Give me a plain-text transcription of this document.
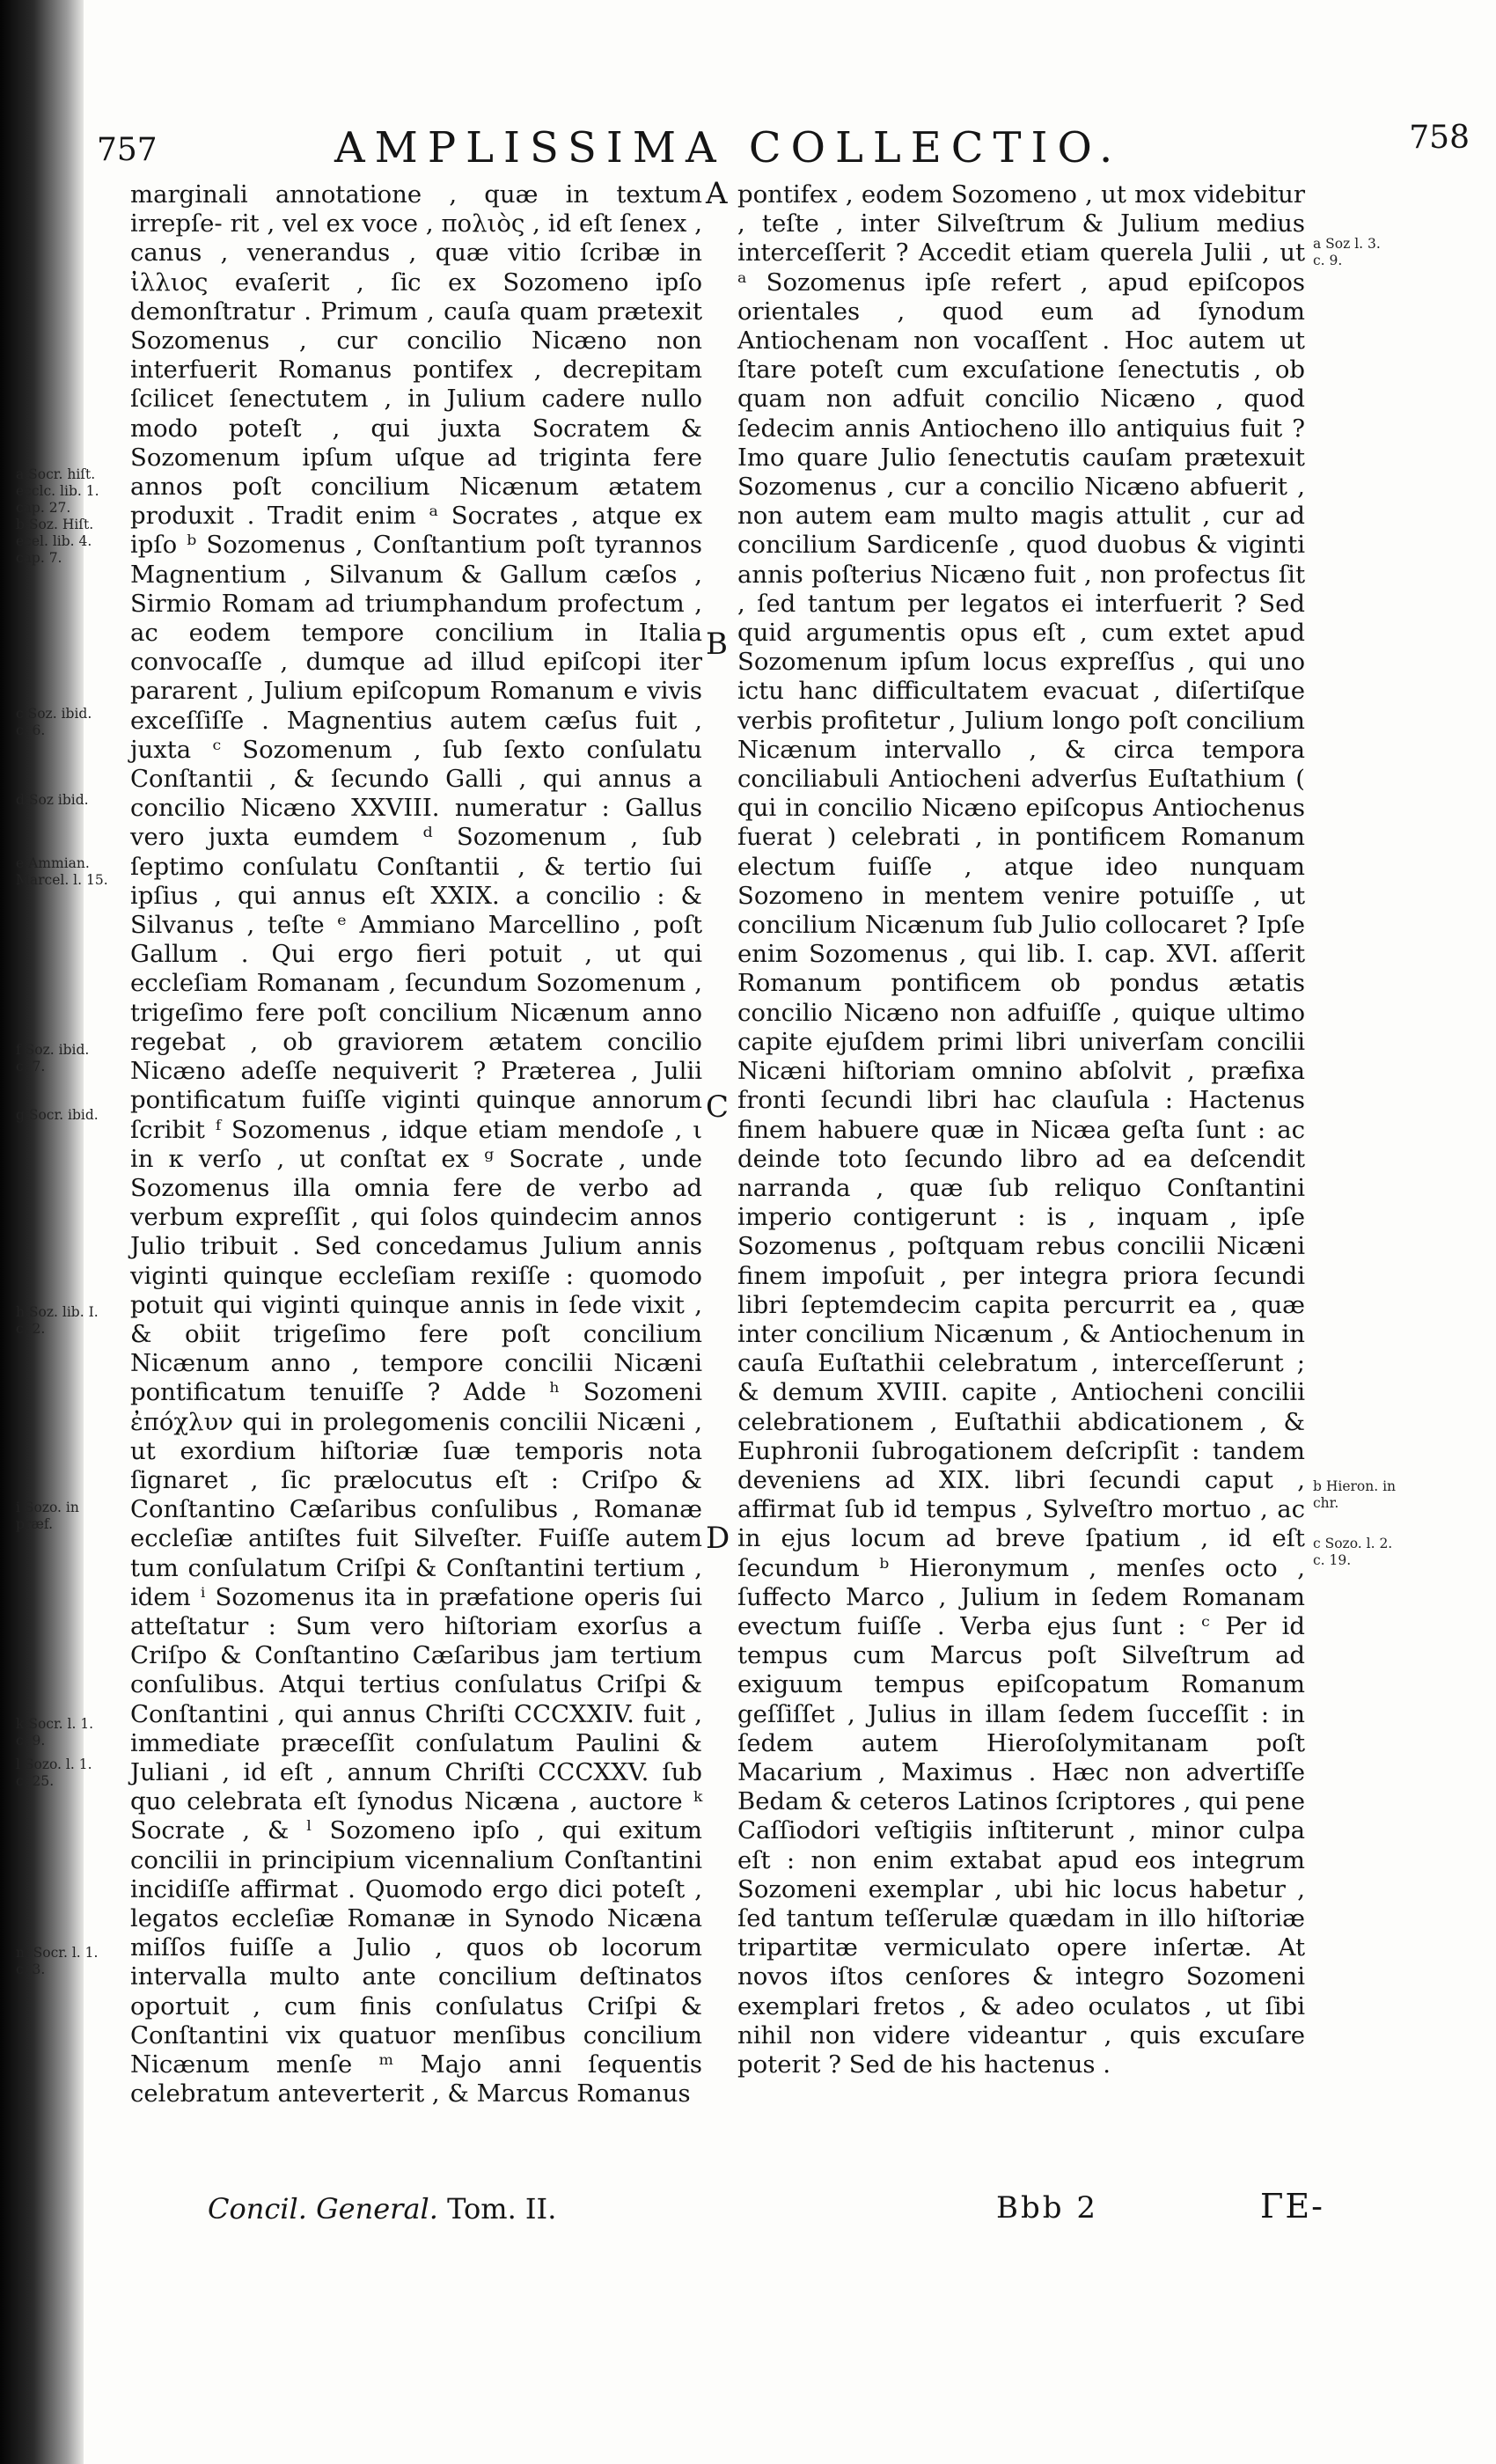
757	AMPLISSIMA COLLECTIO.	758

marginali annotatione , quæ in textum irrepſe- rit , vel ex voce , πολιὸς , id eſt ſenex , canus , venerandus , quæ vitio ſcribæ in ἰλλιος evaſerit , ſic ex Sozomeno ipſo demonſtratur . Primum , cauſa quam prætexit Sozomenus , cur concilio Nicæno non interfuerit Romanus pontifex , decrepitam ſcilicet ſenectutem , in Julium cadere nullo modo poteſt , qui juxta Socratem & Sozomenum ipſum uſque ad triginta fere annos poſt concilium Nicænum ætatem produxit . Tradit enim ᵃ Socrates , atque ex ipſo ᵇ Sozomenus , Conſtantium poſt tyrannos Magnentium , Silvanum & Gallum cæſos , Sirmio Romam ad triumphandum profectum , ac eodem tempore concilium in Italia convocaſſe , dumque ad illud epiſcopi iter pararent , Julium epiſcopum Romanum e vivis exceſſiſſe . Magnentius autem cæſus fuit , juxta ᶜ Sozomenum , ſub ſexto conſulatu Conſtantii , & ſecundo Galli , qui annus a concilio Nicæno XXVIII. numeratur : Gallus vero juxta eumdem ᵈ Sozomenum , ſub ſeptimo conſulatu Conſtantii , & tertio ſui ipſius , qui annus eſt XXIX. a concilio : & Silvanus , teſte ᵉ Ammiano Marcellino , poſt Gallum . Qui ergo fieri potuit , ut qui eccleſiam Romanam , ſecundum Sozomenum , trigeſimo fere poſt concilium Nicænum anno regebat , ob graviorem ætatem concilio Nicæno adeſſe nequiverit ? Præterea , Julii pontificatum fuiſſe viginti quinque annorum ſcribit ᶠ Sozomenus , idque etiam mendoſe , ι in κ verſo , ut conſtat ex ᵍ Socrate , unde Sozomenus illa omnia fere de verbo ad verbum expreſſit , qui ſolos quindecim annos Julio tribuit . Sed concedamus Julium annis viginti quinque eccleſiam rexiſſe : quomodo potuit qui viginti quinque annis in ſede vixit , & obiit trigeſimo fere poſt concilium Nicænum anno , tempore concilii Nicæni pontificatum tenuiſſe ? Adde ʰ Sozomeni ἐπόχλυν qui in prolegomenis concilii Nicæni , ut exordium hiſtoriæ ſuæ temporis nota ſignaret , ſic prælocutus eſt : Criſpo & Conſtantino Cæſaribus conſulibus , Romanæ eccleſiæ antiſtes fuit Silveſter. Fuiſſe autem tum conſulatum Criſpi & Conſtantini tertium , idem ⁱ Sozomenus ita in præfatione operis ſui atteſtatur : Sum vero hiſtoriam exorſus a Criſpo & Conſtantino Cæſaribus jam tertium conſulibus. Atqui tertius conſulatus Criſpi & Conſtantini , qui annus Chriſti CCCXXIV. fuit , immediate præceſſit conſulatum Paulini & Juliani , id eſt , annum Chriſti CCCXXV. ſub quo celebrata eſt ſynodus Nicæna , auctore ᵏ Socrate , & ˡ Sozomeno ipſo , qui exitum concilii in principium vicennalium Conſtantini incidiſſe affirmat . Quomodo ergo dici poteſt , legatos eccleſiæ Romanæ in Synodo Nicæna miſſos fuiſſe a Julio , quos ob locorum intervalla multo ante concilium deſtinatos oportuit , cum finis conſulatus Criſpi & Conſtantini vix quatuor menſibus concilium Nicænum menſe ᵐ Majo anni ſequentis celebratum anteverterit , & Marcus Romanus

pontifex , eodem Sozomeno , ut mox videbitur , teſte , inter Silveſtrum & Julium medius interceſſerit ? Accedit etiam querela Julii , ut ᵃ Sozomenus ipſe refert , apud epiſcopos orientales , quod eum ad ſynodum Antiochenam non vocaſſent . Hoc autem ut ſtare poteſt cum excuſatione ſenectutis , ob quam non adfuit concilio Nicæno , quod ſedecim annis Antiocheno illo antiquius fuit ? Imo quare Julio ſenectutis cauſam prætexuit Sozomenus , cur a concilio Nicæno abfuerit , non autem eam multo magis attulit , cur ad concilium Sardicenſe , quod duobus & viginti annis poſterius Nicæno fuit , non profectus ſit , ſed tantum per legatos ei interfuerit ? Sed quid argumentis opus eſt , cum extet apud Sozomenum ipſum locus expreſſus , qui uno ictu hanc difficultatem evacuat , diſertiſque verbis profitetur , Julium longo poſt concilium Nicænum intervallo , & circa tempora conciliabuli Antiocheni adverſus Euſtathium ( qui in concilio Nicæno epiſcopus Antiochenus fuerat ) celebrati , in pontificem Romanum electum fuiſſe , atque ideo nunquam Sozomeno in mentem venire potuiſſe , ut concilium Nicænum ſub Julio collocaret ? Ipſe enim Sozomenus , qui lib. I. cap. XVI. aſſerit Romanum pontificem ob pondus ætatis concilio Nicæno non adfuiſſe , quique ultimo capite ejuſdem primi libri univerſam concilii Nicæni hiſtoriam omnino abſolvit , præfixa fronti ſecundi libri hac clauſula : Hactenus finem habuere quæ in Nicæa geſta ſunt : ac deinde toto ſecundo libro ad ea deſcendit narranda , quæ ſub reliquo Conſtantini imperio contigerunt : is , inquam , ipſe Sozomenus , poſtquam rebus concilii Nicæni finem impoſuit , per integra priora ſecundi libri ſeptemdecim capita percurrit ea , quæ inter concilium Nicænum , & Antiochenum in cauſa Euſtathii celebratum , interceſſerunt ; & demum XVIII. capite , Antiocheni concilii celebrationem , Euſtathii abdicationem , & Euphronii ſubrogationem deſcripſit : tandem deveniens ad XIX. libri ſecundi caput , affirmat ſub id tempus , Sylveſtro mortuo , ac in ejus locum ad breve ſpatium , id eſt ſecundum ᵇ Hieronymum , menſes octo , ſuffecto Marco , Julium in ſedem Romanam evectum fuiſſe . Verba ejus ſunt : ᶜ Per id tempus cum Marcus poſt Silveſtrum ad exiguum tempus epiſcopatum Romanum geſſiſſet , Julius in illam ſedem ſucceſſit : in ſedem autem Hieroſolymitanam poſt Macarium , Maximus . Hæc non advertiſſe Bedam & ceteros Latinos ſcriptores , qui pene Caſſiodori veſtigiis inſtiterunt , minor culpa eſt : non enim extabat apud eos integrum Sozomeni exemplar , ubi hic locus habetur , ſed tantum teſſerulæ quædam in illo hiſtoriæ tripartitæ vermiculato opere inſertæ. At novos iſtos cenſores & integro Sozomeni exemplari fretos , & adeo oculatos , ut ſibi nihil non videre videantur , quis excuſare poterit ? Sed de his hactenus .

A
B
C
D
a Socr. hiſt.
ecclc. lib. 1.
cap. 27.
b Soz. Hiſt.
ecel. lib. 4.
cap. 7.
c Soz. ibid.
c. 6.
d Soz ibid.
e Ammian.
Marcel. l. 15.
f Soz. ibid.
c. 7.
g Socr. ibid.
h Soz. lib. I.
c. 2.
i Sozo. in
præf.
k Socr. l. 1.
c. 9.
l Sozo. l. 1.
c. 25.
m Socr. l. 1.
c. 3.
a Soz l. 3.
c. 9.
b Hieron. in
chr.
c Sozo. l. 2.
c. 19.
Concil. General. Tom. II.	Bbb 2	ΓΕ-
